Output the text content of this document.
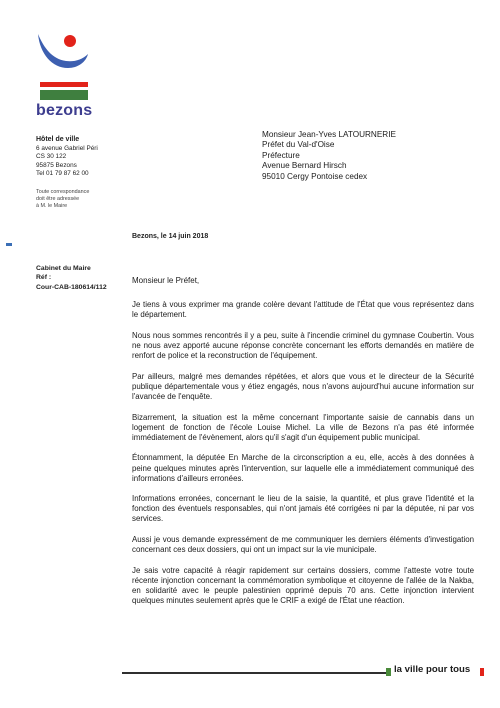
bezons
Hôtel de ville
6 avenue Gabriel Péri
CS 30 122
95875 Bezons
Tel 01 79 87 62 00
Toute correspondance
doit être adressée
à M. le Maire
Monsieur Jean-Yves LATOURNERIE
Préfet du Val-d'Oise
Préfecture
Avenue Bernard Hirsch
95010 Cergy Pontoise cedex
Bezons, le 14 juin 2018
Cabinet du Maire
Réf :
Cour-CAB-180614/112
Monsieur le Préfet,

Je tiens à vous exprimer ma grande colère devant l'attitude de l'État que vous représentez dans le département.

Nous nous sommes rencontrés il y a peu, suite à l'incendie criminel du gymnase Coubertin. Vous ne nous avez apporté aucune réponse concrète concernant les efforts demandés en matière de renfort de police et la reconstruction de l'équipement.

Par ailleurs, malgré mes demandes répétées, et alors que vous et le directeur de la Sécurité publique départementale vous y étiez engagés, nous n'avons aujourd'hui aucune information sur l'avancée de l'enquête.

Bizarrement, la situation est la même concernant l'importante saisie de cannabis dans un logement de fonction de l'école Louise Michel. La ville de Bezons n'a pas été informée immédiatement de l'évènement, alors qu'il s'agit d'un équipement public municipal.

Étonnamment, la députée En Marche de la circonscription a eu, elle, accès à des données à peine quelques minutes après l'intervention, sur laquelle elle a immédiatement communiqué des informations d'ailleurs erronées.

Informations erronées, concernant le lieu de la saisie, la quantité, et plus grave l'identité et la fonction des éventuels responsables, qui n'ont jamais été corrigées ni par la députée, ni par vos services.

Aussi je vous demande expressément de me communiquer les derniers éléments d'investigation concernant ces deux dossiers, qui ont un impact sur la vie municipale.

Je sais votre capacité à réagir rapidement sur certains dossiers, comme l'atteste votre toute récente injonction concernant la commémoration symbolique et citoyenne de l'allée de la Nakba, en solidarité avec le peuple palestinien opprimé depuis 70 ans. Cette injonction intervient quelques minutes seulement après que le CRIF a exigé de l'État une réaction.

la ville pour tous
